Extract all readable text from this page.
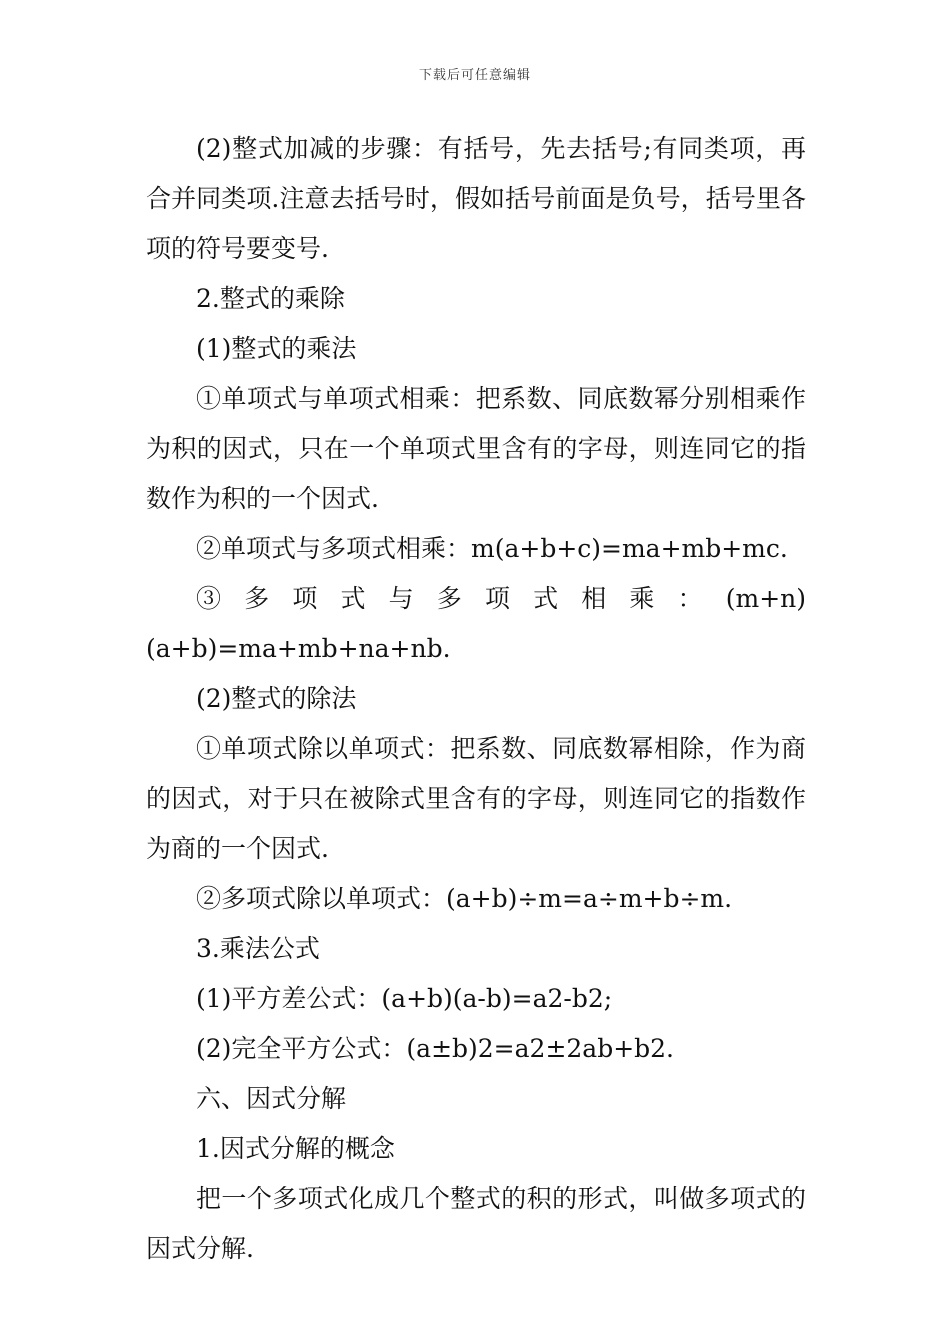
下载后可任意编辑

(2)整式加减的步骤：有括号，先去括号;有同类项，再合并同类项.注意去括号时，假如括号前面是负号，括号里各项的符号要变号.

2.整式的乘除

(1)整式的乘法

①单项式与单项式相乘：把系数、同底数幂分别相乘作为积的因式，只在一个单项式里含有的字母，则连同它的指数作为积的一个因式.

②单项式与多项式相乘：m(a+b+c)=ma+mb+mc.

③多项式与多项式相乘：(m+n)(a+b)=ma+mb+na+nb.

(2)整式的除法

①单项式除以单项式：把系数、同底数幂相除，作为商的因式，对于只在被除式里含有的字母，则连同它的指数作为商的一个因式.

②多项式除以单项式：(a+b)÷m=a÷m+b÷m.

3.乘法公式

(1)平方差公式：(a+b)(a-b)=a2-b2;

(2)完全平方公式：(a±b)2=a2±2ab+b2.

六、因式分解

1.因式分解的概念

把一个多项式化成几个整式的积的形式，叫做多项式的因式分解.
